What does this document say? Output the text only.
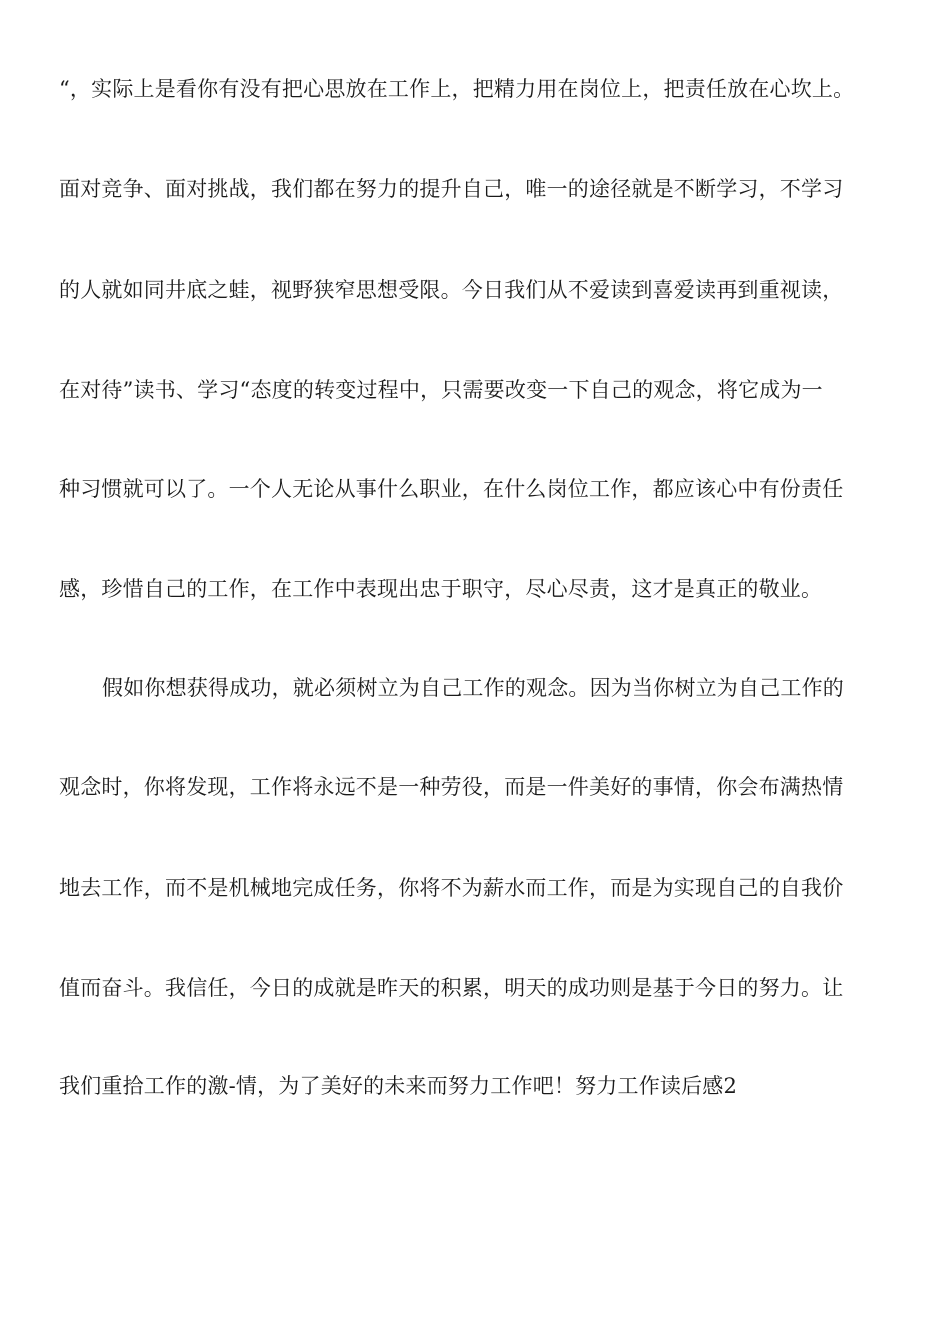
“，实际上是看你有没有把心思放在工作上，把精力用在岗位上，把责任放在心坎上。
面对竞争、面对挑战，我们都在努力的提升自己，唯一的途径就是不断学习，不学习
的人就如同井底之蛙，视野狭窄思想受限。今日我们从不爱读到喜爱读再到重视读，
在对待”读书、学习“态度的转变过程中，只需要改变一下自己的观念，将它成为一
种习惯就可以了。一个人无论从事什么职业，在什么岗位工作，都应该心中有份责任
感，珍惜自己的工作，在工作中表现出忠于职守，尽心尽责，这才是真正的敬业。
假如你想获得成功，就必须树立为自己工作的观念。因为当你树立为自己工作的
观念时，你将发现，工作将永远不是一种劳役，而是一件美好的事情，你会布满热情
地去工作，而不是机械地完成任务，你将不为薪水而工作，而是为实现自己的自我价
值而奋斗。我信任，今日的成就是昨天的积累，明天的成功则是基于今日的努力。让
我们重拾工作的激-情，为了美好的未来而努力工作吧！努力工作读后感2
